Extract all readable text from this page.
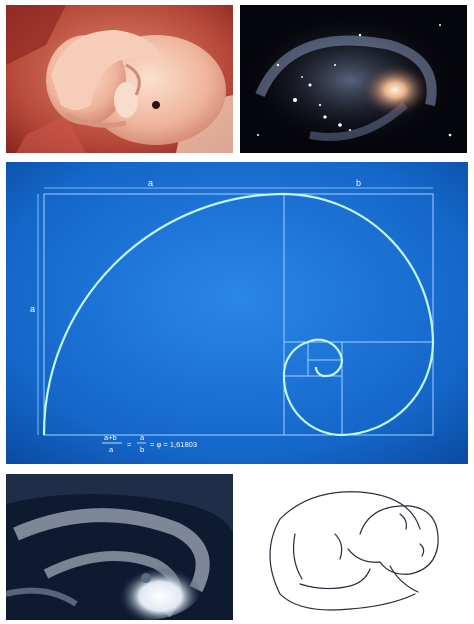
a	b
a
a+b
a
=
a
b
= φ = 1,61803
